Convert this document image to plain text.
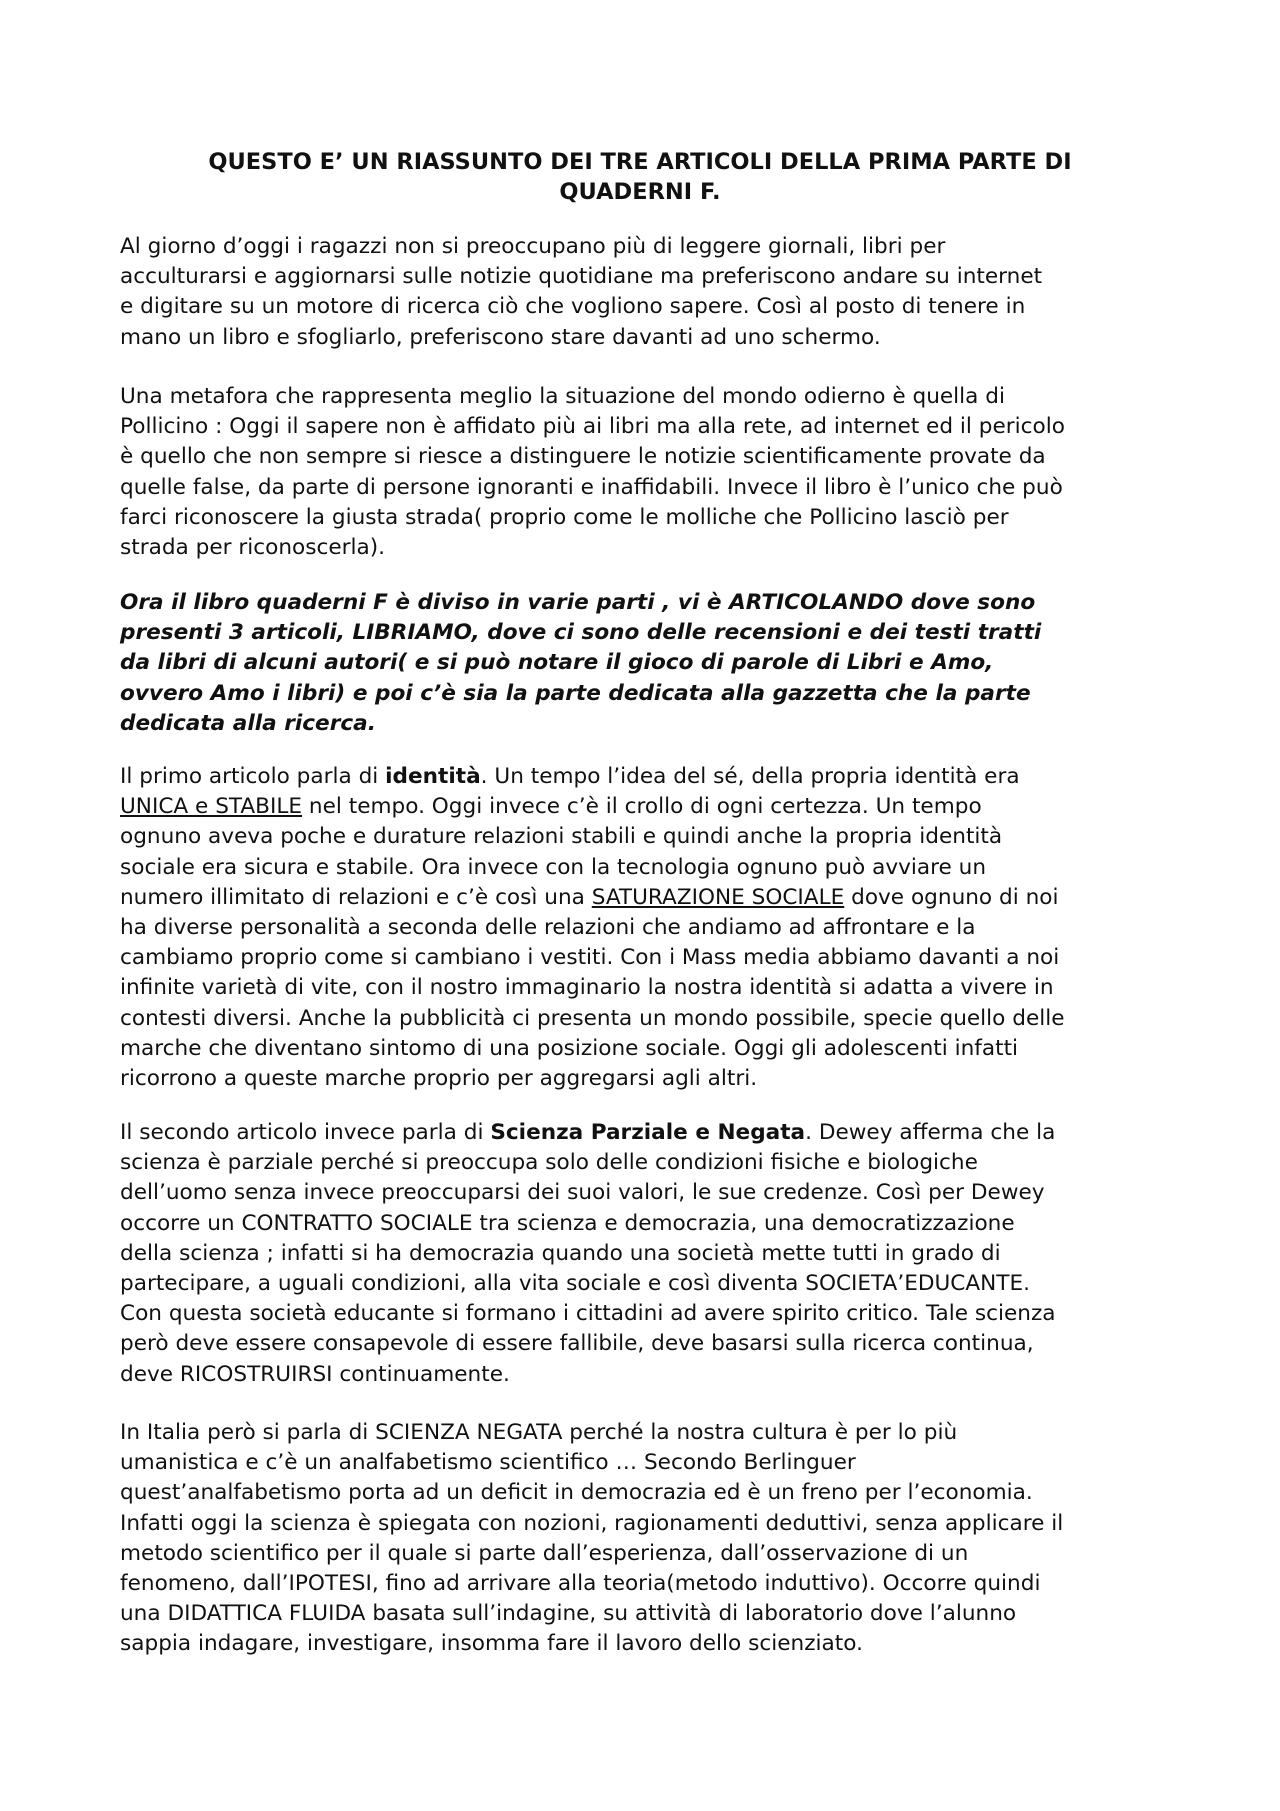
QUESTO E’ UN RIASSUNTO DEI TRE ARTICOLI DELLA PRIMA PARTE DI
QUADERNI F.
Al giorno d’oggi i ragazzi non si preoccupano più di leggere giornali, libri per
acculturarsi e aggiornarsi sulle notizie quotidiane ma preferiscono andare su internet
e digitare su un motore di ricerca ciò che vogliono sapere. Così al posto di tenere in
mano un libro e sfogliarlo, preferiscono stare davanti ad uno schermo.
Una metafora che rappresenta meglio la situazione del mondo odierno è quella di
Pollicino : Oggi il sapere non è affidato più ai libri ma alla rete, ad internet ed il pericolo
è quello che non sempre si riesce a distinguere le notizie scientificamente provate da
quelle false, da parte di persone ignoranti e inaffidabili. Invece il libro è l’unico che può
farci riconoscere la giusta strada( proprio come le molliche che Pollicino lasciò per
strada per riconoscerla).
Ora il libro quaderni F è diviso in varie parti , vi è ARTICOLANDO dove sono
presenti 3 articoli, LIBRIAMO, dove ci sono delle recensioni e dei testi tratti
da libri di alcuni autori( e si può notare il gioco di parole di Libri e Amo,
ovvero Amo i libri) e poi c’è sia la parte dedicata alla gazzetta che la parte
dedicata alla ricerca.
Il primo articolo parla di identità. Un tempo l’idea del sé, della propria identità era
UNICA e STABILE nel tempo. Oggi invece c’è il crollo di ogni certezza. Un tempo
ognuno aveva poche e durature relazioni stabili e quindi anche la propria identità
sociale era sicura e stabile. Ora invece con la tecnologia ognuno può avviare un
numero illimitato di relazioni e c’è così una SATURAZIONE SOCIALE dove ognuno di noi
ha diverse personalità a seconda delle relazioni che andiamo ad affrontare e la
cambiamo proprio come si cambiano i vestiti. Con i Mass media abbiamo davanti a noi
infinite varietà di vite, con il nostro immaginario la nostra identità si adatta a vivere in
contesti diversi. Anche la pubblicità ci presenta un mondo possibile, specie quello delle
marche che diventano sintomo di una posizione sociale. Oggi gli adolescenti infatti
ricorrono a queste marche proprio per aggregarsi agli altri.
Il secondo articolo invece parla di Scienza Parziale e Negata. Dewey afferma che la
scienza è parziale perché si preoccupa solo delle condizioni fisiche e biologiche
dell’uomo senza invece preoccuparsi dei suoi valori, le sue credenze. Così per Dewey
occorre un CONTRATTO SOCIALE tra scienza e democrazia, una democratizzazione
della scienza ; infatti si ha democrazia quando una società mette tutti in grado di
partecipare, a uguali condizioni, alla vita sociale e così diventa SOCIETA’EDUCANTE.
Con questa società educante si formano i cittadini ad avere spirito critico. Tale scienza
però deve essere consapevole di essere fallibile, deve basarsi sulla ricerca continua,
deve RICOSTRUIRSI continuamente.
In Italia però si parla di SCIENZA NEGATA perché la nostra cultura è per lo più
umanistica e c’è un analfabetismo scientifico … Secondo Berlinguer
quest’analfabetismo porta ad un deficit in democrazia ed è un freno per l’economia.
Infatti oggi la scienza è spiegata con nozioni, ragionamenti deduttivi, senza applicare il
metodo scientifico per il quale si parte dall’esperienza, dall’osservazione di un
fenomeno, dall’IPOTESI, fino ad arrivare alla teoria(metodo induttivo). Occorre quindi
una DIDATTICA FLUIDA basata sull’indagine, su attività di laboratorio dove l’alunno
sappia indagare, investigare, insomma fare il lavoro dello scienziato.
